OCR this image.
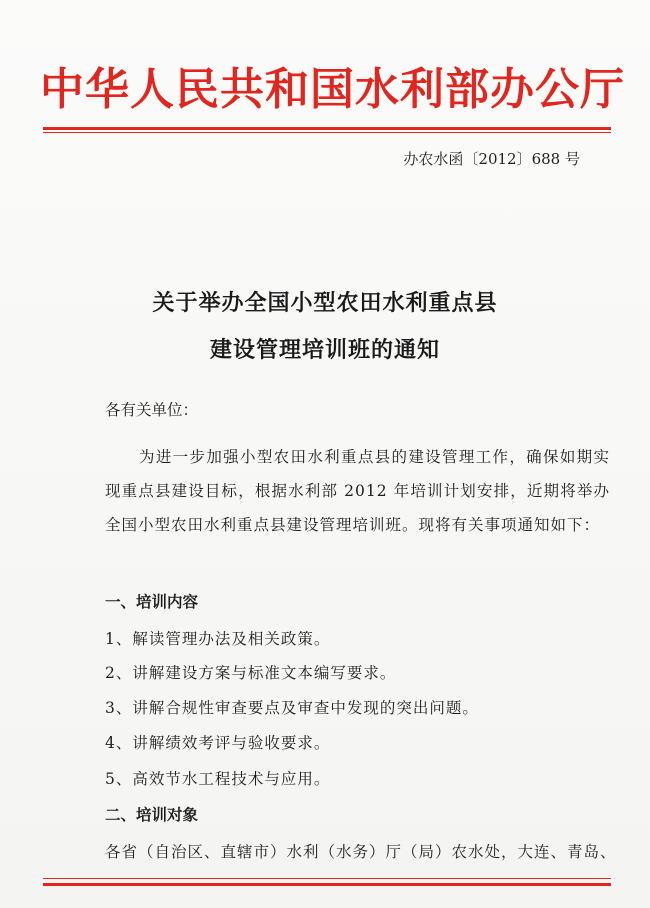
中华人民共和国水利部办公厅
办农水函〔2012〕688 号
关于举办全国小型农田水利重点县
建设管理培训班的通知
各有关单位：
为进一步加强小型农田水利重点县的建设管理工作，确保如期实现重点县建设目标，根据水利部 2012 年培训计划安排，近期将举办全国小型农田水利重点县建设管理培训班。现将有关事项通知如下：
一、培训内容
1、解读管理办法及相关政策。
2、讲解建设方案与标准文本编写要求。
3、讲解合规性审查要点及审查中发现的突出问题。
4、讲解绩效考评与验收要求。
5、高效节水工程技术与应用。
二、培训对象
各省（自治区、直辖市）水利（水务）厅（局）农水处，大连、青岛、
